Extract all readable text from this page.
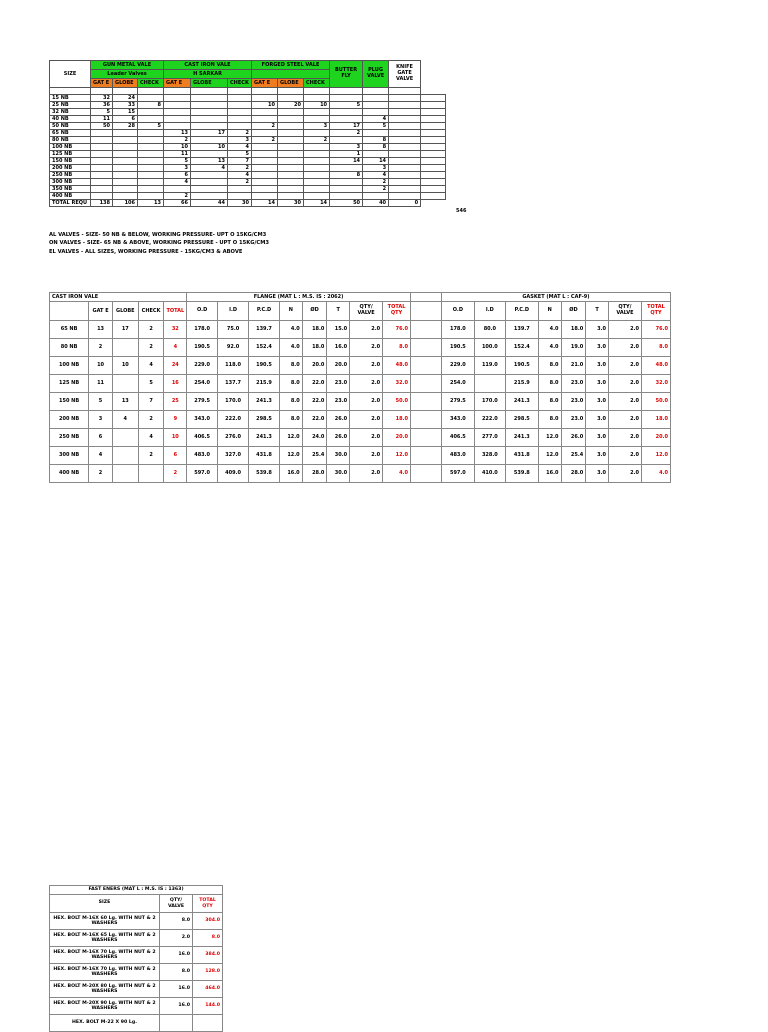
SIZE	GUN METAL VALE			CAST IRON VALE			FORGED STEEL VALE			BUTTER FLY	PLUG VALVE	KNIFE GATE VALVE	
	Leader Valves			H SARKAR									
	GAT E	GLOBE	CHECK	GAT E	GLOBE	CHECK	GAT E	GLOBE	CHECK				

15 NB	32	24											
25 NB	36	33	8				10	20	10	5			
32 NB	5	15											
40 NB	11	6									4		
50 NB	50	28	5				2		3	17	5		
65 NB				13	17	2				2			
80 NB				2		3	2		2		8		
100 NB				10	10	4				3	8		
125 NB				11		5				1			
150 NB				5	13	7				14	14		
200 NB				3	4	2					3		
250 NB				6		4				8	4		
300 NB				4		2					2		
350 NB											2		
400 NB				2									
TOTAL REQU	138	106	13	66	44	30	14	30	14	50	40	0	
546
AL VALVES - SIZE- 50 NB & BELOW, WORKING PRESSURE- UPT O 15KG/CM3
ON VALVES - SIZE- 65 NB & ABOVE, WORKING PRESSURE - UPT O 15KG/CM3
EL VALVES - ALL SIZES, WORKING PRESSURE - 15KG/CM3 & ABOVE
CAST IRON VALE					FLANGE (MAT L : M.S. IS : 2062)									GASKET (MAT L : CAF-9)							
	GAT E	GLOBE	CHECK	TOTAL	O.D	I.D	P.C.D	N	ØD	T	QTY/ VALVE	TOTAL QTY		O.D	I.D	P.C.D	N	ØD	T	QTY/ VALVE	TOTAL QTY
65 NB	13	17	2	32	178.0	75.0	139.7	4.0	18.0	15.0	2.0	76.0		178.0	80.0	139.7	4.0	18.0	3.0	2.0	76.0
80 NB	2		2	4	190.5	92.0	152.4	4.0	18.0	16.0	2.0	8.0		190.5	100.0	152.4	4.0	19.0	3.0	2.0	8.0
100 NB	10	10	4	24	229.0	118.0	190.5	8.0	20.0	20.0	2.0	48.0		229.0	119.0	190.5	8.0	21.0	3.0	2.0	48.0
125 NB	11		5	16	254.0	137.7	215.9	8.0	22.0	23.0	2.0	32.0		254.0		215.9	8.0	23.0	3.0	2.0	32.0
150 NB	5	13	7	25	279.5	170.0	241.3	8.0	22.0	23.0	2.0	50.0		279.5	170.0	241.3	8.0	23.0	3.0	2.0	50.0
200 NB	3	4	2	9	343.0	222.0	298.5	8.0	22.0	26.0	2.0	18.0		343.0	222.0	298.5	8.0	23.0	3.0	2.0	18.0
250 NB	6		4	10	406.5	276.0	241.3	12.0	24.0	26.0	2.0	20.0		406.5	277.0	241.3	12.0	26.0	3.0	2.0	20.0
300 NB	4		2	6	483.0	327.0	431.8	12.0	25.4	30.0	2.0	12.0		483.0	328.0	431.8	12.0	25.4	3.0	2.0	12.0
400 NB	2			2	597.0	409.0	539.8	16.0	28.0	30.0	2.0	4.0		597.0	410.0	539.8	16.0	28.0	3.0	2.0	4.0
FAST ENERS (MAT L : M.S. IS : 1363)		
SIZE	QTY/ VALVE	TOTAL QTY
HEX. BOLT M-16X 60 Lg. WITH NUT & 2 WASHERS	8.0	304.0
HEX. BOLT M-16X 65 Lg. WITH NUT & 2 WASHERS	2.0	8.0
HEX. BOLT M-16X 70 Lg. WITH NUT & 2 WASHERS	16.0	384.0
HEX. BOLT M-16X 70 Lg. WITH NUT & 2 WASHERS	8.0	128.0
HEX. BOLT M-20X 80 Lg. WITH NUT & 2 WASHERS	16.0	464.0
HEX. BOLT M-20X 90 Lg. WITH NUT & 2 WASHERS	16.0	144.0
HEX. BOLT M-22 X 90 Lg.		
